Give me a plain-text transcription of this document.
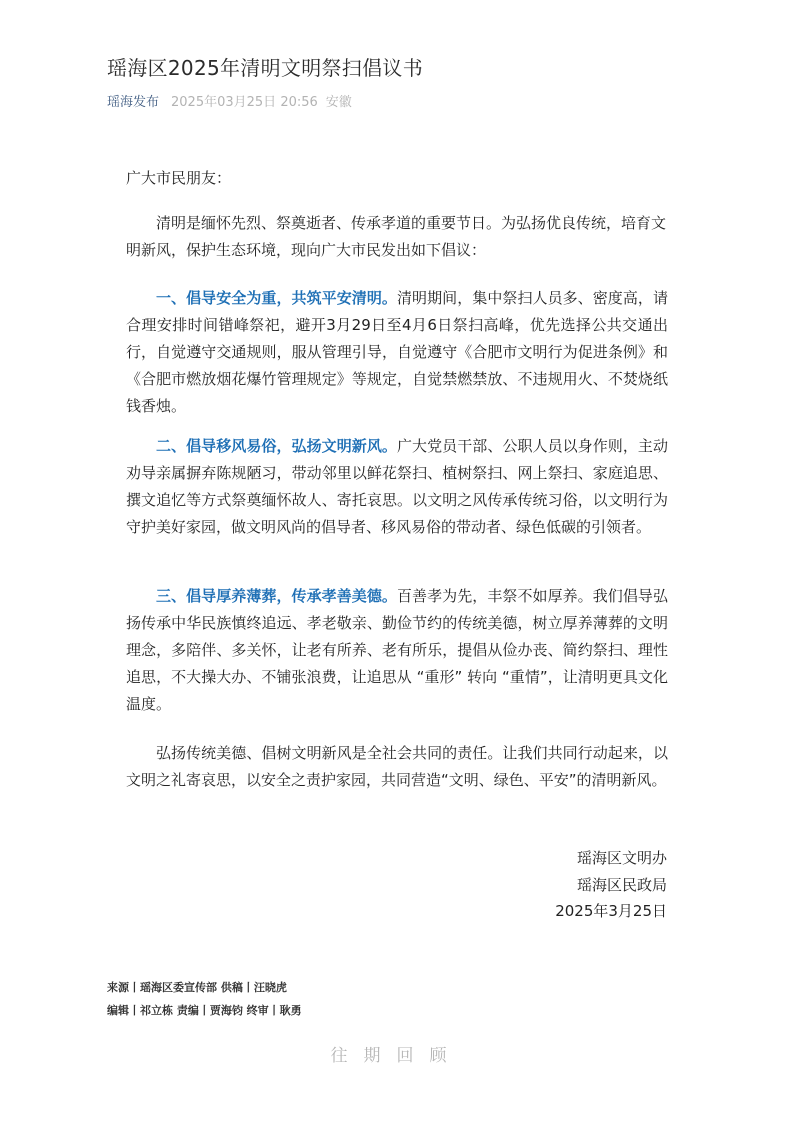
瑶海区2025年清明文明祭扫倡议书
瑶海发布 2025年03月25日 20:56 安徽
广大市民朋友：
清明是缅怀先烈、祭奠逝者、传承孝道的重要节日。为弘扬优良传统，培育文明新风，保护生态环境，现向广大市民发出如下倡议：
一、倡导安全为重，共筑平安清明。清明期间，集中祭扫人员多、密度高，请合理安排时间错峰祭祀，避开3月29日至4月6日祭扫高峰，优先选择公共交通出行，自觉遵守交通规则，服从管理引导，自觉遵守《合肥市文明行为促进条例》和《合肥市燃放烟花爆竹管理规定》等规定，自觉禁燃禁放、不违规用火、不焚烧纸钱香烛。
二、倡导移风易俗，弘扬文明新风。广大党员干部、公职人员以身作则，主动劝导亲属摒弃陈规陋习，带动邻里以鲜花祭扫、植树祭扫、网上祭扫、家庭追思、撰文追忆等方式祭奠缅怀故人、寄托哀思。以文明之风传承传统习俗，以文明行为守护美好家园，做文明风尚的倡导者、移风易俗的带动者、绿色低碳的引领者。
三、倡导厚养薄葬，传承孝善美德。百善孝为先，丰祭不如厚养。我们倡导弘扬传承中华民族慎终追远、孝老敬亲、勤俭节约的传统美德，树立厚养薄葬的文明理念，多陪伴、多关怀，让老有所养、老有所乐，提倡从俭办丧、简约祭扫、理性追思，不大操大办、不铺张浪费，让追思从 “重形” 转向 “重情”，让清明更具文化温度。
弘扬传统美德、倡树文明新风是全社会共同的责任。让我们共同行动起来，以文明之礼寄哀思，以安全之责护家园，共同营造“文明、绿色、平安”的清明新风。
瑶海区文明办
瑶海区民政局
2025年3月25日
来源丨瑶海区委宣传部 供稿丨汪晓虎
编辑丨祁立栋 责编丨贾海钧 终审丨耿勇
往期回顾
